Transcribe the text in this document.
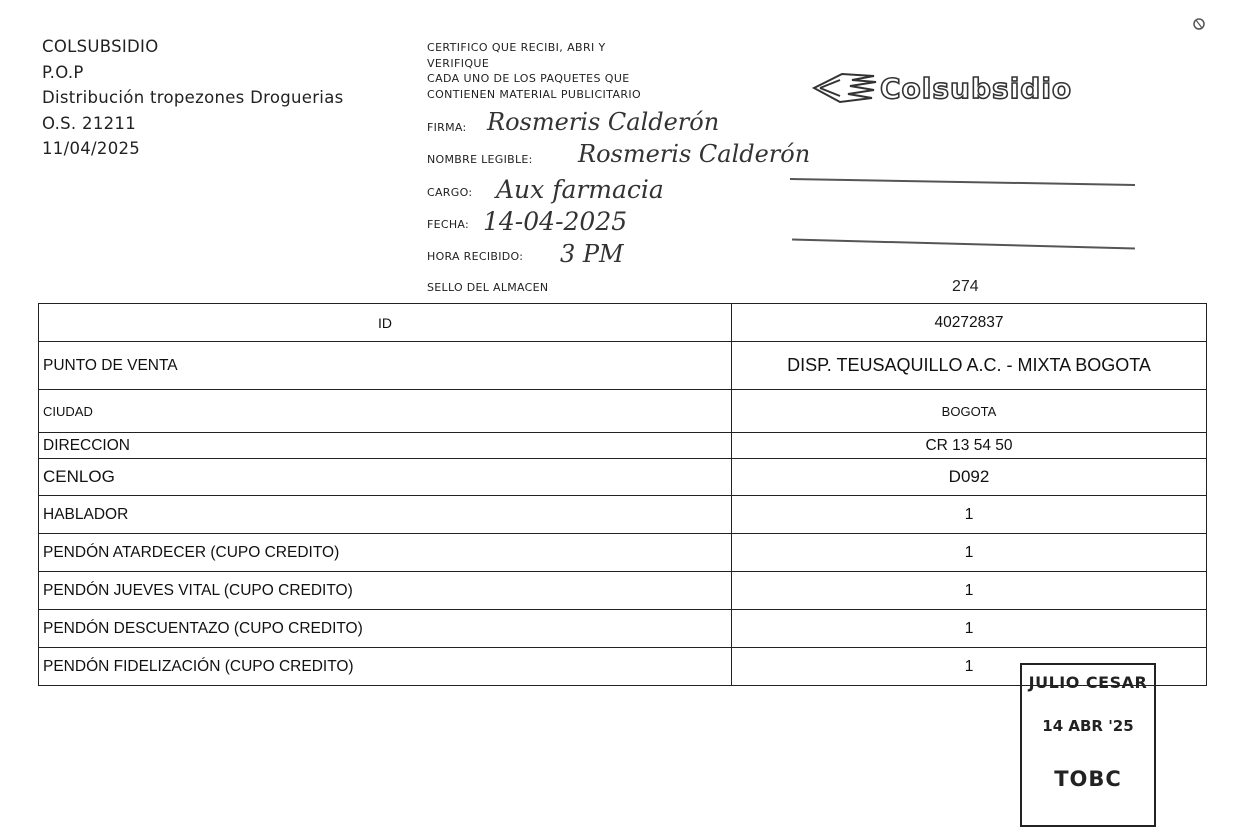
COLSUBSIDIO
P.O.P
Distribución tropezones Droguerias
O.S. 21211
11/04/2025
CERTIFICO QUE RECIBI, ABRI Y
VERIFIQUE
CADA UNO DE LOS PAQUETES QUE
CONTIENEN MATERIAL PUBLICITARIO	Colsubsidio
FIRMA: Rosmeris Calderón
NOMBRE LEGIBLE: Rosmeris Calderón
CARGO: Aux farmacia
FECHA: 14-04-2025
HORA RECIBIDO: 3 PM
SELLO DEL ALMACEN	274
ID	40272837
PUNTO DE VENTA	DISP. TEUSAQUILLO A.C. - MIXTA BOGOTA
CIUDAD	BOGOTA
DIRECCION	CR 13 54 50
CENLOG	D092
HABLADOR	1
PENDÓN ATARDECER (CUPO CREDITO)	1
PENDÓN JUEVES VITAL (CUPO CREDITO)	1
PENDÓN DESCUENTAZO (CUPO CREDITO)	1
PENDÓN FIDELIZACIÓN (CUPO CREDITO)	1
JULIO CESAR
14 ABR '25
TOBC
